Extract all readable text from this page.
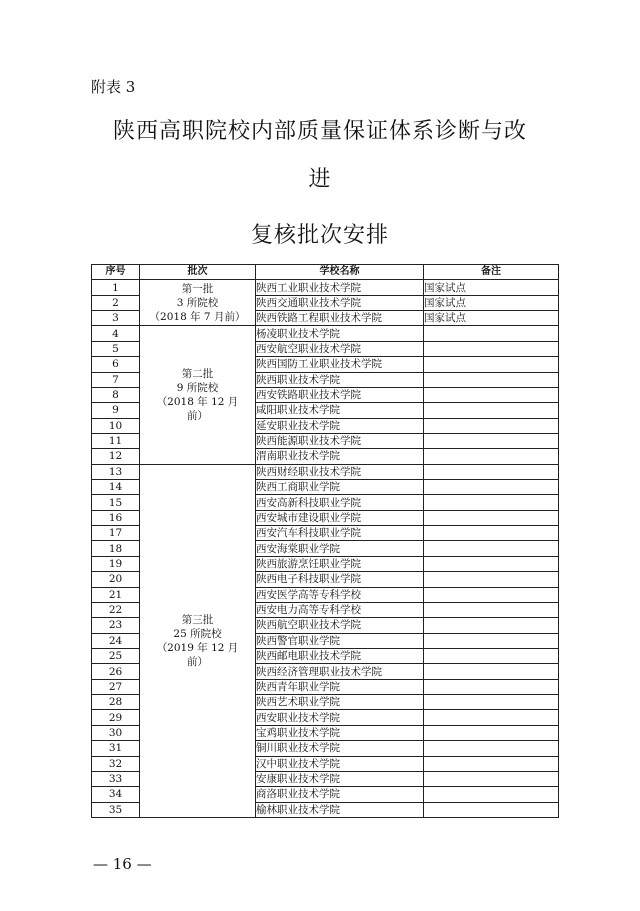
附表 3
陕西高职院校内部质量保证体系诊断与改
进
复核批次安排
序号	批次	学校名称	备注
1	第一批
3 所院校
（2018 年 7 月前）	陕西工业职业技术学院	国家试点
2		陕西交通职业技术学院	国家试点
3		陕西铁路工程职业技术学院	国家试点
4	第二批
9 所院校
（2018 年 12 月
前）	杨凌职业技术学院	
5		西安航空职业技术学院	
6		陕西国防工业职业技术学院	
7		陕西职业技术学院	
8		西安铁路职业技术学院	
9		咸阳职业技术学院	
10		延安职业技术学院	
11		陕西能源职业技术学院	
12		渭南职业技术学院	
13	第三批
25 所院校
（2019 年 12 月
前）	陕西财经职业技术学院	
14		陕西工商职业学院	
15		西安高新科技职业学院	
16		西安城市建设职业学院	
17		西安汽车科技职业学院	
18		西安海棠职业学院	
19		陕西旅游烹饪职业学院	
20		陕西电子科技职业学院	
21		西安医学高等专科学校	
22		西安电力高等专科学校	
23		陕西航空职业技术学院	
24		陕西警官职业学院	
25		陕西邮电职业技术学院	
26		陕西经济管理职业技术学院	
27		陕西青年职业学院	
28		陕西艺术职业学院	
29		西安职业技术学院	
30		宝鸡职业技术学院	
31		铜川职业技术学院	
32		汉中职业技术学院	
33		安康职业技术学院	
34		商洛职业技术学院	
35		榆林职业技术学院	
— 16 —
